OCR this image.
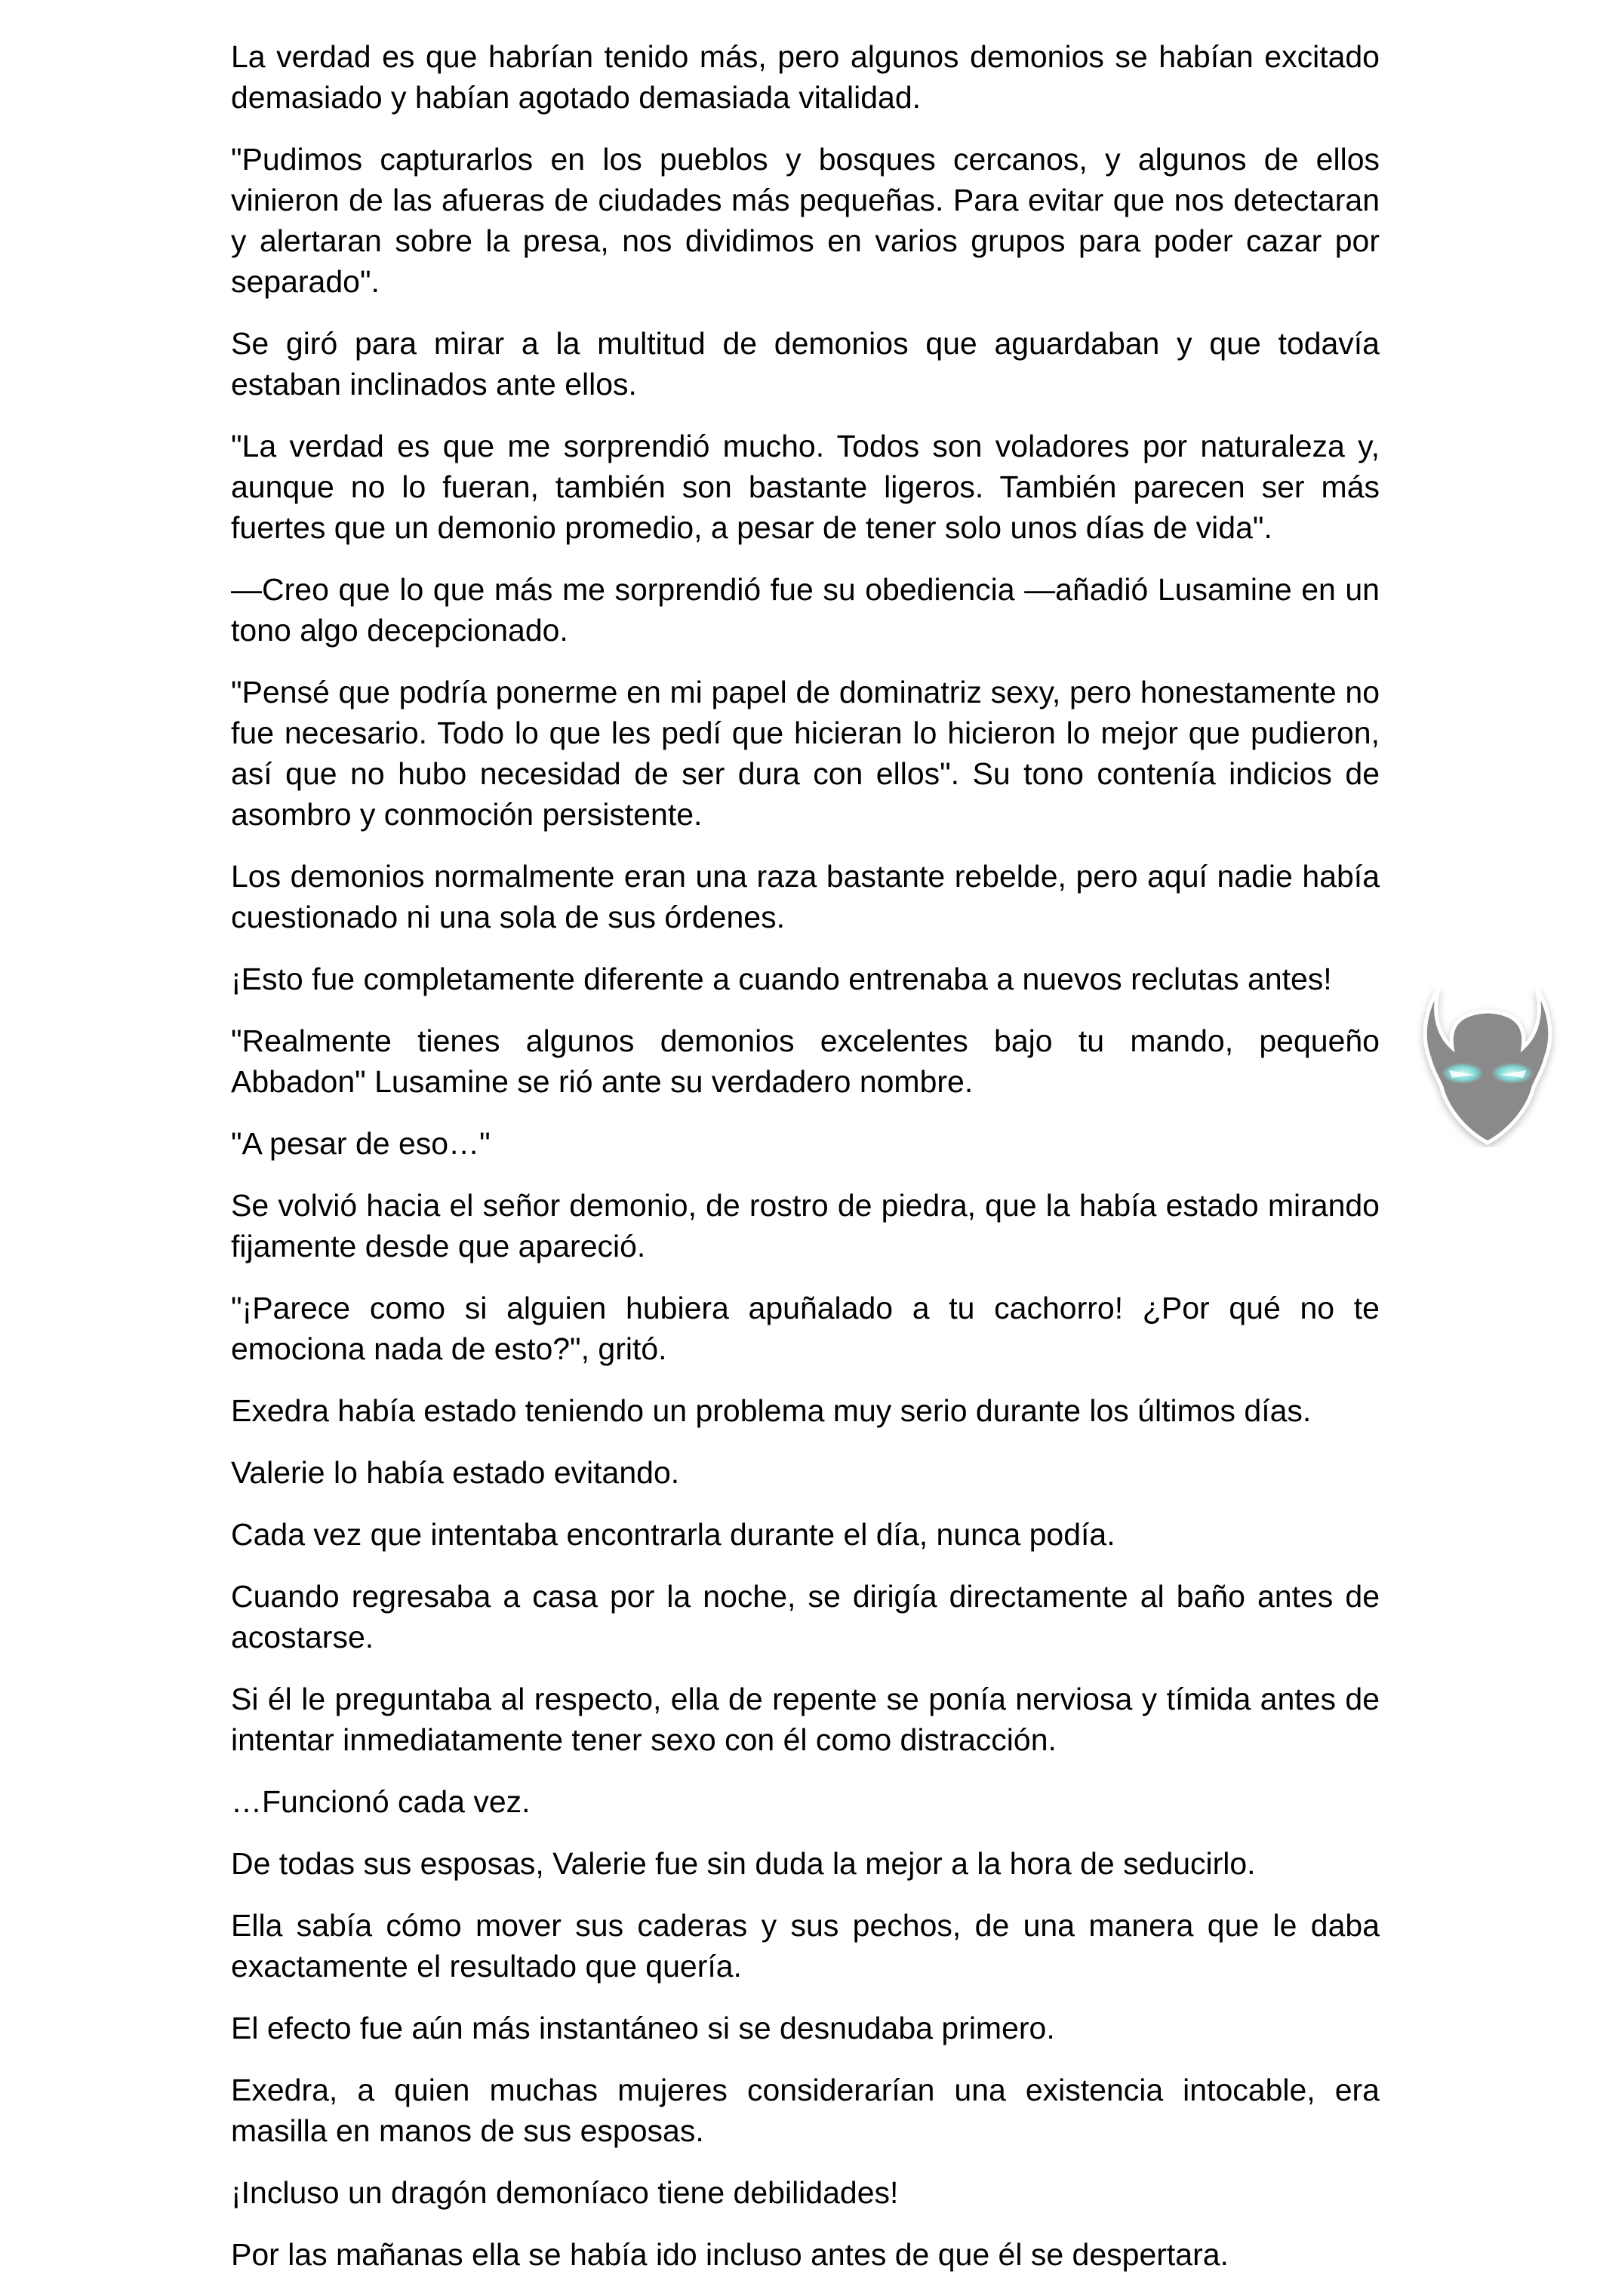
La verdad es que habrían tenido más, pero algunos demonios se habían excitado demasiado y habían agotado demasiada vitalidad.

"Pudimos capturarlos en los pueblos y bosques cercanos, y algunos de ellos vinieron de las afueras de ciudades más pequeñas. Para evitar que nos detectaran y alertaran sobre la presa, nos dividimos en varios grupos para poder cazar por separado".

Se giró para mirar a la multitud de demonios que aguardaban y que todavía estaban inclinados ante ellos.

"La verdad es que me sorprendió mucho. Todos son voladores por naturaleza y, aunque no lo fueran, también son bastante ligeros. También parecen ser más fuertes que un demonio promedio, a pesar de tener solo unos días de vida".

—Creo que lo que más me sorprendió fue su obediencia —añadió Lusamine en un tono algo decepcionado.

"Pensé que podría ponerme en mi papel de dominatriz sexy, pero honestamente no fue necesario. Todo lo que les pedí que hicieran lo hicieron lo mejor que pudieron, así que no hubo necesidad de ser dura con ellos". Su tono contenía indicios de asombro y conmoción persistente.

Los demonios normalmente eran una raza bastante rebelde, pero aquí nadie había cuestionado ni una sola de sus órdenes.

¡Esto fue completamente diferente a cuando entrenaba a nuevos reclutas antes!

"Realmente tienes algunos demonios excelentes bajo tu mando, pequeño Abbadon" Lusamine se rió ante su verdadero nombre.

"A pesar de eso…"

Se volvió hacia el señor demonio, de rostro de piedra, que la había estado mirando fijamente desde que apareció.

"¡Parece como si alguien hubiera apuñalado a tu cachorro! ¿Por qué no te emociona nada de esto?", gritó.

Exedra había estado teniendo un problema muy serio durante los últimos días.

Valerie lo había estado evitando.

Cada vez que intentaba encontrarla durante el día, nunca podía.

Cuando regresaba a casa por la noche, se dirigía directamente al baño antes de acostarse.

Si él le preguntaba al respecto, ella de repente se ponía nerviosa y tímida antes de intentar inmediatamente tener sexo con él como distracción.

…Funcionó cada vez.

De todas sus esposas, Valerie fue sin duda la mejor a la hora de seducirlo.

Ella sabía cómo mover sus caderas y sus pechos, de una manera que le daba exactamente el resultado que quería.

El efecto fue aún más instantáneo si se desnudaba primero.

Exedra, a quien muchas mujeres considerarían una existencia intocable, era masilla en manos de sus esposas.

¡Incluso un dragón demoníaco tiene debilidades!

Por las mañanas ella se había ido incluso antes de que él se despertara.
